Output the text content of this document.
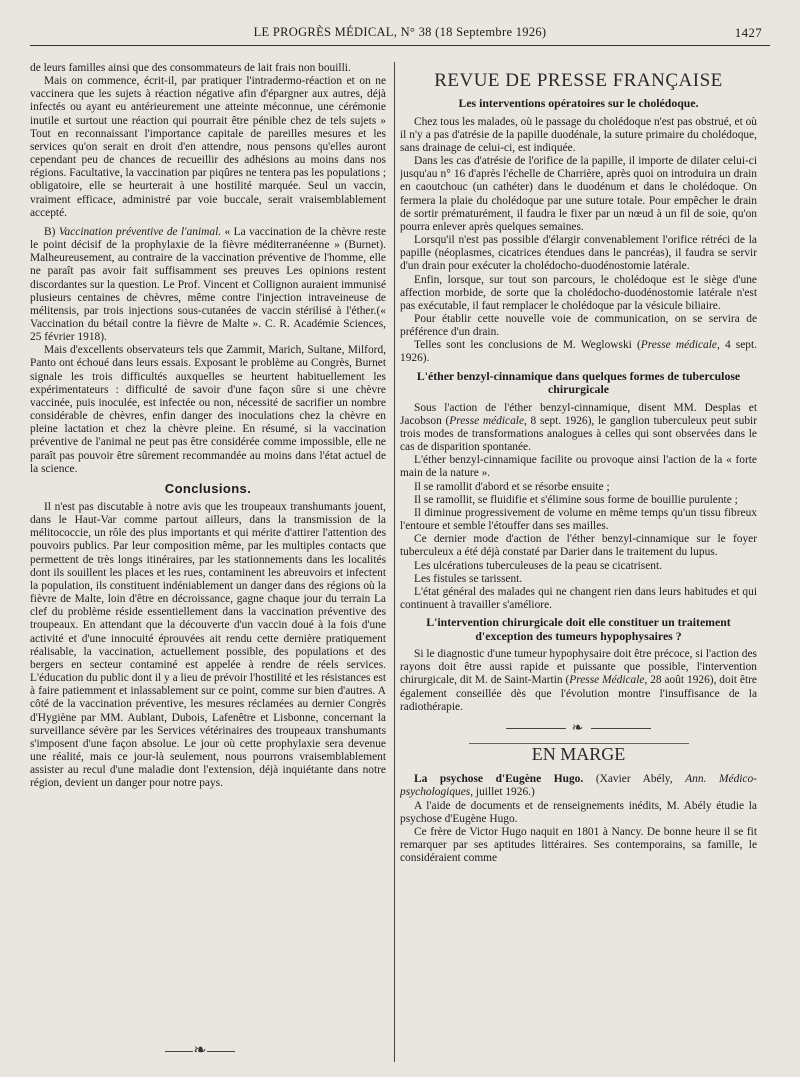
LE PROGRÈS MÉDICAL, N° 38 (18 Septembre 1926)	1427

de leurs familles ainsi que des consommateurs de lait frais non bouilli.

Mais on commence, écrit-il, par pratiquer l'intradermo-réaction et on ne vaccinera que les sujets à réaction négative afin d'épargner aux autres, déjà infectés ou ayant eu antérieurement une atteinte méconnue, une cérémonie inutile et surtout une réaction qui pourrait être pénible chez de tels sujets » Tout en reconnaissant l'importance capitale de pareilles mesures et les services qu'on serait en droit d'en attendre, nous pensons qu'elles auront cependant peu de chances de recueillir des adhésions au moins dans nos régions. Facultative, la vaccination par piqûres ne tentera pas les populations ; obligatoire, elle se heurterait à une hostilité marquée. Seul un vaccin, vraiment efficace, administré par voie buccale, serait vraisemblablement accepté.

B) Vaccination préventive de l'animal. « La vaccination de la chèvre reste le point décisif de la prophylaxie de la fièvre méditerranéenne » (Burnet). Malheureusement, au contraire de la vaccination préventive de l'homme, elle ne paraît pas avoir fait suffisamment ses preuves Les opinions restent discordantes sur la question. Le Prof. Vincent et Collignon auraient immunisé plusieurs centaines de chèvres, même contre l'injection intraveineuse de mélitensis, par trois injections sous-cutanées de vaccin stérilisé à l'éther.(« Vaccination du bétail contre la fièvre de Malte ». C. R. Académie Sciences, 25 février 1918).

Mais d'excellents observateurs tels que Zammit, Marich, Sultane, Milford, Panto ont échoué dans leurs essais. Exposant le problème au Congrès, Burnet signale les trois difficultés auxquelles se heurtent habituellement les expérimentateurs : difficulté de savoir d'une façon sûre si une chèvre vaccinée, puis inoculée, est infectée ou non, nécessité de sacrifier un nombre considérable de chèvres, enfin danger des inoculations chez la chèvre en pleine lactation et chez la chèvre pleine. En résumé, si la vaccination préventive de l'animal ne peut pas être considérée comme impossible, elle ne paraît pas pouvoir être sûrement recommandée au moins dans l'état actuel de la science.

Conclusions.

Il n'est pas discutable à notre avis que les troupeaux transhumants jouent, dans le Haut-Var comme partout ailleurs, dans la transmission de la mélitococcie, un rôle des plus importants et qui mérite d'attirer l'attention des pouvoirs publics. Par leur composition même, par les multiples contacts que permettent de très longs itinéraires, par les stationnements dans les localités dont ils souillent les places et les rues, contaminent les abreuvoirs et infectent la population, ils constituent indéniablement un danger dans des régions où la fièvre de Malte, loin d'être en décroissance, gagne chaque jour du terrain La clef du problème réside essentiellement dans la vaccination préventive des troupeaux. En attendant que la découverte d'un vaccin doué à la fois d'une activité et d'une innocuité éprouvées ait rendu cette dernière pratiquement réalisable, la vaccination, actuellement possible, des populations et des bergers en secteur contaminé est appelée à rendre de réels services. L'éducation du public dont il y a lieu de prévoir l'hostilité et les résistances est à faire patiemment et inlassablement sur ce point, comme sur bien d'autres. A côté de la vaccination préventive, les mesures réclamées au dernier Congrès d'Hygiène par MM. Aublant, Dubois, Lafenêtre et Lisbonne, concernant la surveillance sévère par les Services vétérinaires des troupeaux transhumants s'imposent d'une façon absolue. Le jour où cette prophylaxie sera devenue une réalité, mais ce jour-là seulement, nous pourrons vraisemblablement assister au recul d'une maladie dont l'extension, déjà inquiétante dans notre région, devient un danger pour notre pays.

❧
REVUE DE PRESSE FRANÇAISE
Les interventions opératoires sur le cholédoque.

Chez tous les malades, où le passage du cholédoque n'est pas obstrué, et où il n'y a pas d'atrésie de la papille duodénale, la suture primaire du cholédoque, sans drainage de celui-ci, est indiquée.

Dans les cas d'atrésie de l'orifice de la papille, il importe de dilater celui-ci jusqu'au n° 16 d'après l'échelle de Charrière, après quoi on introduira un drain en caoutchouc (un cathéter) dans le duodénum et dans le cholédoque. On fermera la plaie du cholédoque par une suture totale. Pour empêcher le drain de sortir prématurément, il faudra le fixer par un nœud à un fil de soie, qu'on pourra enlever après quelques semaines.

Lorsqu'il n'est pas possible d'élargir convenablement l'orifice rétréci de la papille (néoplasmes, cicatrices étendues dans le pancréas), il faudra se servir d'un drain pour exécuter la cholédocho-duodénostomie latérale.

Enfin, lorsque, sur tout son parcours, le cholédoque est le siège d'une affection morbide, de sorte que la cholédocho-duodénostomie latérale n'est pas exécutable, il faut remplacer le cholédoque par la vésicule biliaire.

Pour établir cette nouvelle voie de communication, on se servira de préférence d'un drain.

Telles sont les conclusions de M. Weglowski (Presse médicale, 4 sept. 1926).

L'éther benzyl-cinnamique dans quelques formes de tuberculose chirurgicale

Sous l'action de l'éther benzyl-cinnamique, disent MM. Desplas et Jacobson (Presse médicale, 8 sept. 1926), le ganglion tuberculeux peut subir trois modes de transformations analogues à celles qui sont observées dans le cas de disparition spontanée.

L'éther benzyl-cinnamique facilite ou provoque ainsi l'action de la « forte main de la nature ».

Il se ramollit d'abord et se résorbe ensuite ;

Il se ramollit, se fluidifie et s'élimine sous forme de bouillie purulente ;

Il diminue progressivement de volume en même temps qu'un tissu fibreux l'entoure et semble l'étouffer dans ses mailles.

Ce dernier mode d'action de l'éther benzyl-cinnamique sur le foyer tuberculeux a été déjà constaté par Darier dans le traitement du lupus.

Les ulcérations tuberculeuses de la peau se cicatrisent.

Les fistules se tarissent.

L'état général des malades qui ne changent rien dans leurs habitudes et qui continuent à travailler s'améliore.

L'intervention chirurgicale doit elle constituer un traitement d'exception des tumeurs hypophysaires ?

Si le diagnostic d'une tumeur hypophysaire doit être précoce, si l'action des rayons doit être aussi rapide et puissante que possible, l'intervention chirurgicale, dit M. de Saint-Martin (Presse Médicale, 28 août 1926), doit être également conseillée dès que l'évolution montre l'insuffisance de la radiothérapie.

❧
EN MARGE

La psychose d'Eugène Hugo. (Xavier Abély, Ann. Médico-psychologiques, juillet 1926.)

A l'aide de documents et de renseignements inédits, M. Abély étudie la psychose d'Eugène Hugo.

Ce frère de Victor Hugo naquit en 1801 à Nancy. De bonne heure il se fit remarquer par ses aptitudes littéraires. Ses contemporains, sa famille, le considéraient comme
